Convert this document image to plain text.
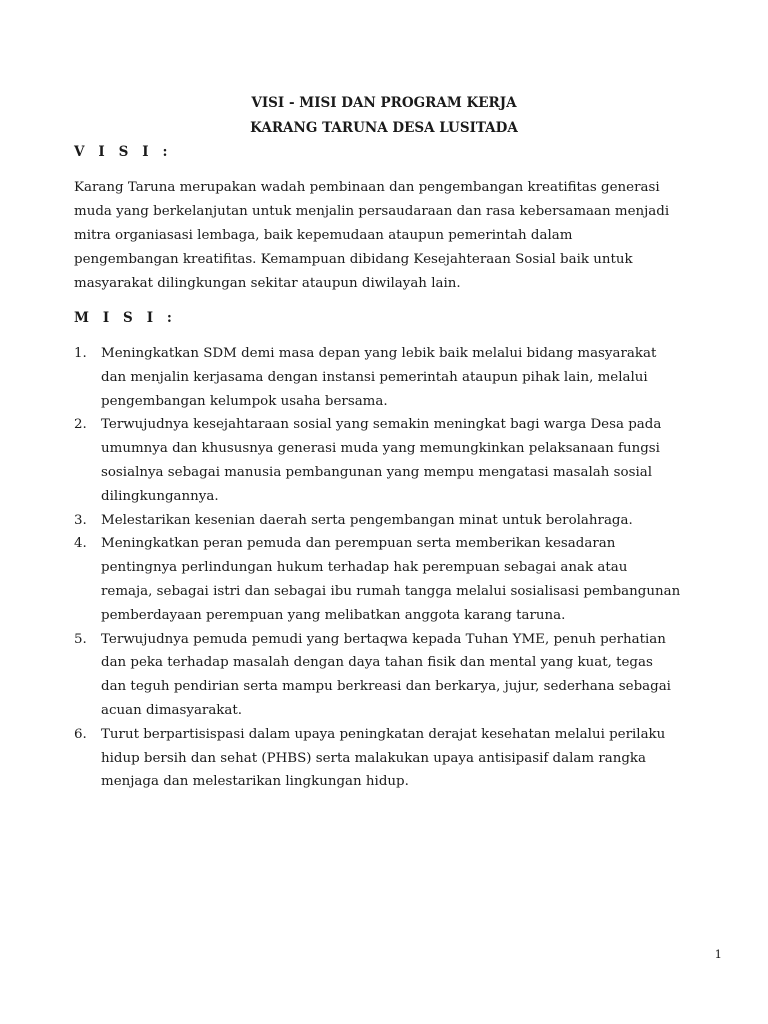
VISI - MISI DAN PROGRAM KERJA
KARANG TARUNA DESA LUSITADA
V I S I :
Karang Taruna merupakan wadah pembinaan dan pengembangan kreatifitas generasi
muda yang berkelanjutan untuk menjalin persaudaraan dan rasa kebersamaan menjadi
mitra organiasasi lembaga, baik kepemudaan ataupun pemerintah dalam
pengembangan kreatifitas. Kemampuan dibidang Kesejahteraan Sosial baik untuk
masyarakat dilingkungan sekitar ataupun diwilayah lain.
M I S I :
1. Meningkatkan SDM demi masa depan yang lebik baik melalui bidang masyarakat
dan menjalin kerjasama dengan instansi pemerintah ataupun pihak lain, melalui
pengembangan kelumpok usaha bersama.
2. Terwujudnya kesejahtaraan sosial yang semakin meningkat bagi warga Desa pada
umumnya dan khususnya generasi muda yang memungkinkan pelaksanaan fungsi
sosialnya sebagai manusia pembangunan yang mempu mengatasi masalah sosial
dilingkungannya.
3. Melestarikan kesenian daerah serta pengembangan minat untuk berolahraga.
4. Meningkatkan peran pemuda dan perempuan serta memberikan kesadaran
pentingnya perlindungan hukum terhadap hak perempuan sebagai anak atau
remaja, sebagai istri dan sebagai ibu rumah tangga melalui sosialisasi pembangunan
pemberdayaan perempuan yang melibatkan anggota karang taruna.
5. Terwujudnya pemuda pemudi yang bertaqwa kepada Tuhan YME, penuh perhatian
dan peka terhadap masalah dengan daya tahan fisik dan mental yang kuat, tegas
dan teguh pendirian serta mampu berkreasi dan berkarya, jujur, sederhana sebagai
acuan dimasyarakat.
6. Turut berpartisispasi dalam upaya peningkatan derajat kesehatan melalui perilaku
hidup bersih dan sehat (PHBS) serta malakukan upaya antisipasif dalam rangka
menjaga dan melestarikan lingkungan hidup.
1
